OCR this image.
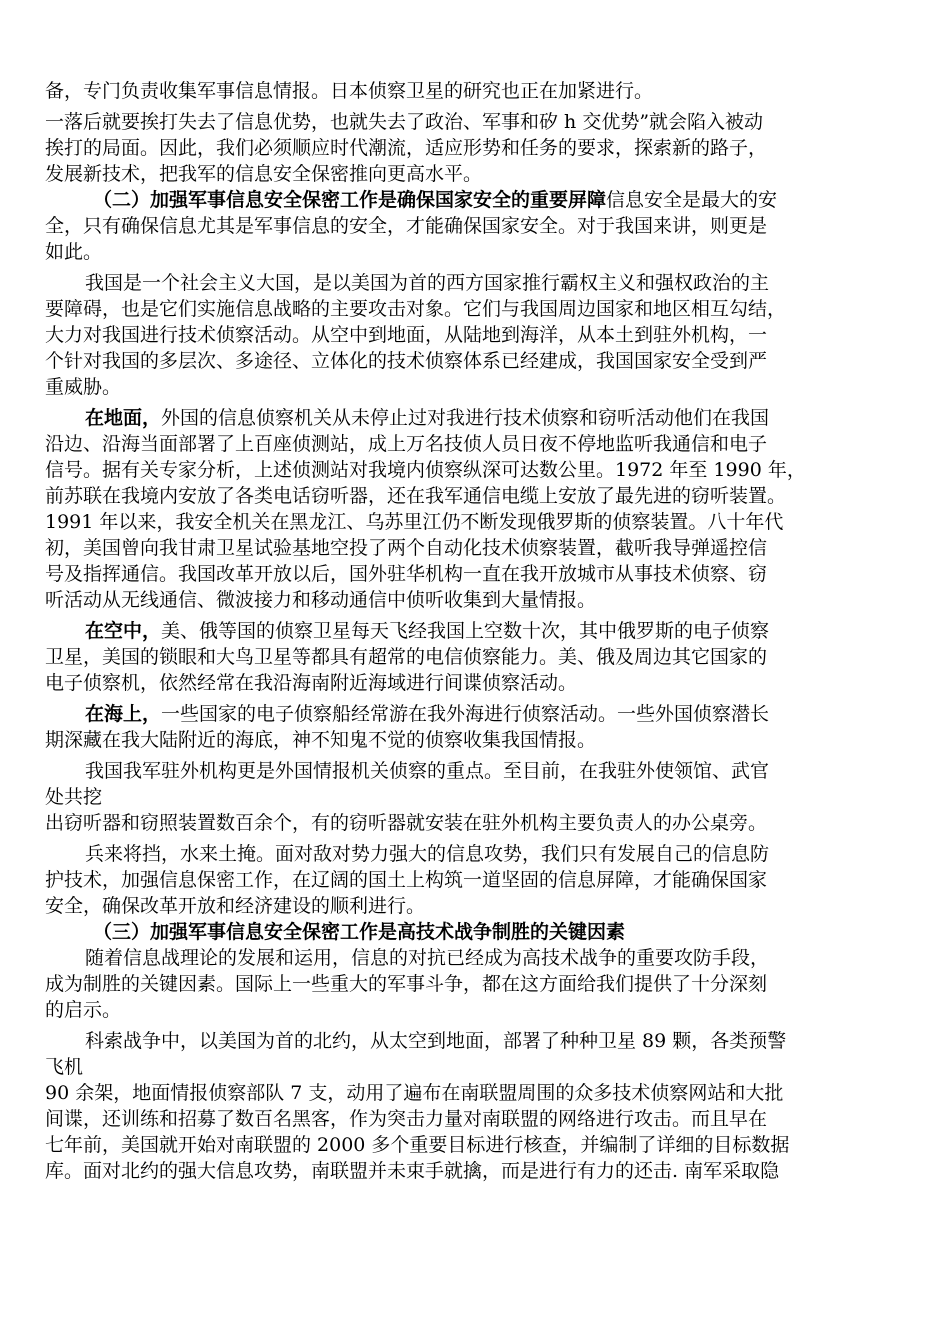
备，专门负责收集军事信息情报。日本侦察卫星的研究也正在加紧进行。
一落后就要挨打失去了信息优势，也就失去了政治、军事和矽 h 交优势”就会陷入被动
挨打的局面。因此，我们必须顺应时代潮流，适应形势和任务的要求，探索新的路子，
发展新技术，把我军的信息安全保密推向更高水平。
（二）加强军事信息安全保密工作是确保国家安全的重要屏障信息安全是最大的安
全，只有确保信息尤其是军事信息的安全，才能确保国家安全。对于我国来讲，则更是
如此。
我国是一个社会主义大国，是以美国为首的西方国家推行霸权主义和强权政治的主
要障碍，也是它们实施信息战略的主要攻击对象。它们与我国周边国家和地区相互勾结，
大力对我国进行技术侦察活动。从空中到地面，从陆地到海洋，从本土到驻外机构，一
个针对我国的多层次、多途径、立体化的技术侦察体系已经建成，我国国家安全受到严
重威胁。
在地面，外国的信息侦察机关从未停止过对我进行技术侦察和窃听活动他们在我国
沿边、沿海当面部署了上百座侦测站，成上万名技侦人员日夜不停地监听我通信和电子
信号。据有关专家分析，上述侦测站对我境内侦察纵深可达数公里。1972 年至 1990 年，
前苏联在我境内安放了各类电话窃听器，还在我军通信电缆上安放了最先进的窃听装置。
1991 年以来，我安全机关在黑龙江、乌苏里江仍不断发现俄罗斯的侦察装置。八十年代
初，美国曾向我甘肃卫星试验基地空投了两个自动化技术侦察装置，截听我导弹遥控信
号及指挥通信。我国改革开放以后，国外驻华机构一直在我开放城市从事技术侦察、窃
听活动从无线通信、微波接力和移动通信中侦听收集到大量情报。
在空中，美、俄等国的侦察卫星每天飞经我国上空数十次，其中俄罗斯的电子侦察
卫星，美国的锁眼和大鸟卫星等都具有超常的电信侦察能力。美、俄及周边其它国家的
电子侦察机，依然经常在我沿海南附近海域进行间谍侦察活动。
在海上，一些国家的电子侦察船经常游在我外海进行侦察活动。一些外国侦察潜长
期深藏在我大陆附近的海底，神不知鬼不觉的侦察收集我国情报。
我国我军驻外机构更是外国情报机关侦察的重点。至目前，在我驻外使领馆、武官
处共挖
出窃听器和窃照装置数百余个，有的窃听器就安装在驻外机构主要负责人的办公桌旁。
兵来将挡，水来土掩。面对敌对势力强大的信息攻势，我们只有发展自己的信息防
护技术，加强信息保密工作，在辽阔的国土上构筑一道坚固的信息屏障，才能确保国家
安全，确保改革开放和经济建设的顺利进行。
（三）加强军事信息安全保密工作是高技术战争制胜的关键因素
随着信息战理论的发展和运用，信息的对抗已经成为高技术战争的重要攻防手段，
成为制胜的关键因素。国际上一些重大的军事斗争，都在这方面给我们提供了十分深刻
的启示。
科索战争中，以美国为首的北约，从太空到地面，部署了种种卫星 89 颗，各类预警
飞机
90 余架，地面情报侦察部队 7 支，动用了遍布在南联盟周围的众多技术侦察网站和大批
间谍，还训练和招募了数百名黑客，作为突击力量对南联盟的网络进行攻击。而且早在
七年前，美国就开始对南联盟的 2000 多个重要目标进行核查，并编制了详细的目标数据
库。面对北约的强大信息攻势，南联盟并未束手就擒，而是进行有力的还击. 南军采取隐
